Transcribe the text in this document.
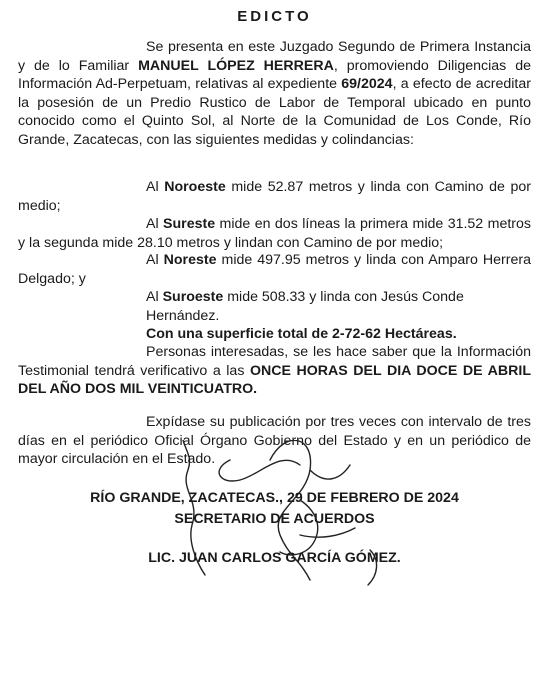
EDICTO
Se presenta en este Juzgado Segundo de Primera Instancia y de lo Familiar MANUEL LÓPEZ HERRERA, promoviendo Diligencias de Información Ad-Perpetuam, relativas al expediente 69/2024, a efecto de acreditar la posesión de un Predio Rustico de Labor de Temporal ubicado en punto conocido como el Quinto Sol, al Norte de la Comunidad de Los Conde, Río Grande, Zacatecas, con las siguientes medidas y colindancias:
Al Noroeste mide 52.87 metros y linda con Camino de por medio;
Al Sureste mide en dos líneas la primera mide 31.52 metros y la segunda mide 28.10 metros y lindan con Camino de por medio;
Al Noreste mide 497.95 metros y linda con Amparo Herrera Delgado; y
Al Suroeste mide 508.33 y linda con Jesús Conde Hernández.
Con una superficie total de 2-72-62 Hectáreas.
Personas interesadas, se les hace saber que la Información Testimonial tendrá verificativo a las ONCE HORAS DEL DIA DOCE DE ABRIL DEL AÑO DOS MIL VEINTICUATRO.
Expídase su publicación por tres veces con intervalo de tres días en el periódico Oficial Órgano Gobierno del Estado y en un periódico de mayor circulación en el Estado.
RÍO GRANDE, ZACATECAS., 29 DE FEBRERO DE 2024
SECRETARIO DE ACUERDOS
LIC. JUAN CARLOS GARCÍA GÓMEZ.
